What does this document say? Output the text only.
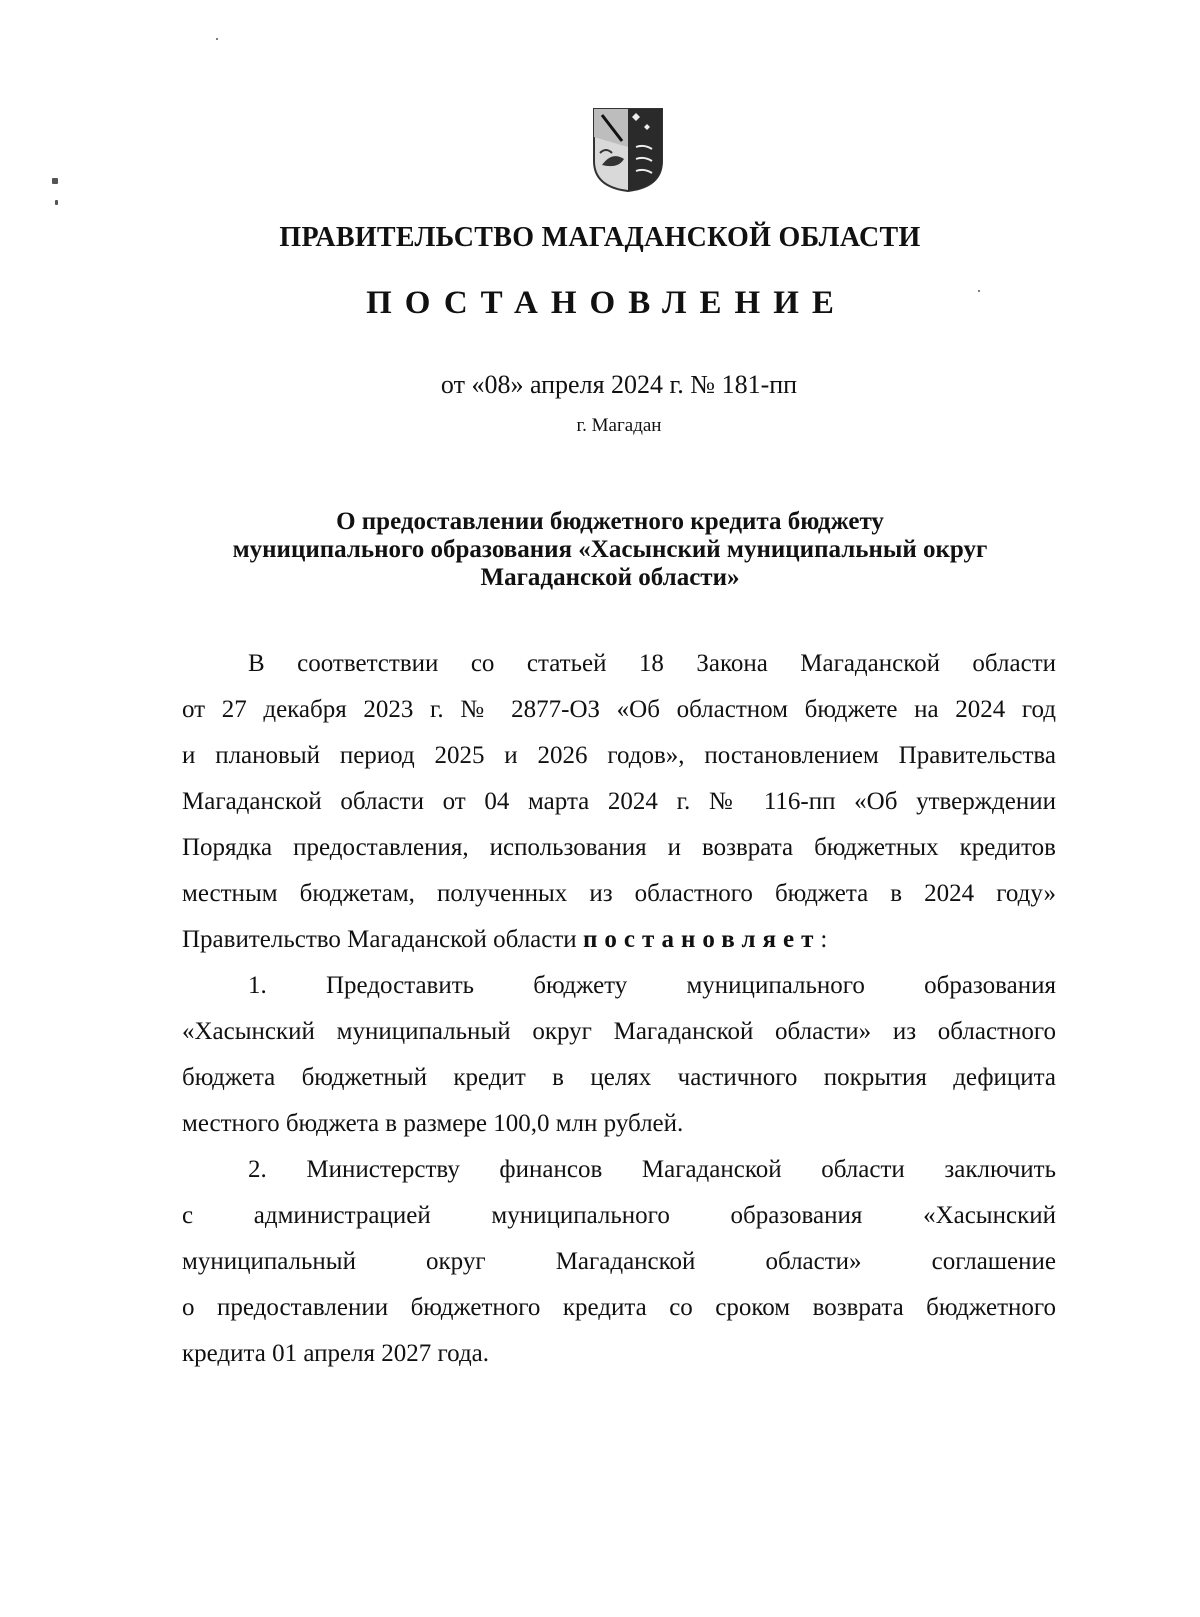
ПРАВИТЕЛЬСТВО МАГАДАНСКОЙ ОБЛАСТИ
ПОСТАНОВЛЕНИЕ
от «08» апреля 2024 г. № 181-пп
г. Магадан
О предоставлении бюджетного кредита бюджету
муниципального образования «Хасынский муниципальный округ
Магаданской области»
В соответствии со статьей 18 Закона Магаданской области
от 27 декабря 2023 г. № 2877-ОЗ «Об областном бюджете на 2024 год
и плановый период 2025 и 2026 годов», постановлением Правительства
Магаданской области от 04 марта 2024 г. № 116-пп «Об утверждении
Порядка предоставления, использования и возврата бюджетных кредитов
местным бюджетам, полученных из областного бюджета в 2024 году»
Правительство Магаданской области постановляет:
1. Предоставить бюджету муниципального образования
«Хасынский муниципальный округ Магаданской области» из областного
бюджета бюджетный кредит в целях частичного покрытия дефицита
местного бюджета в размере 100,0 млн рублей.
2. Министерству финансов Магаданской области заключить
с администрацией муниципального образования «Хасынский
муниципальный округ Магаданской области» соглашение
о предоставлении бюджетного кредита со сроком возврата бюджетного
кредита 01 апреля 2027 года.
